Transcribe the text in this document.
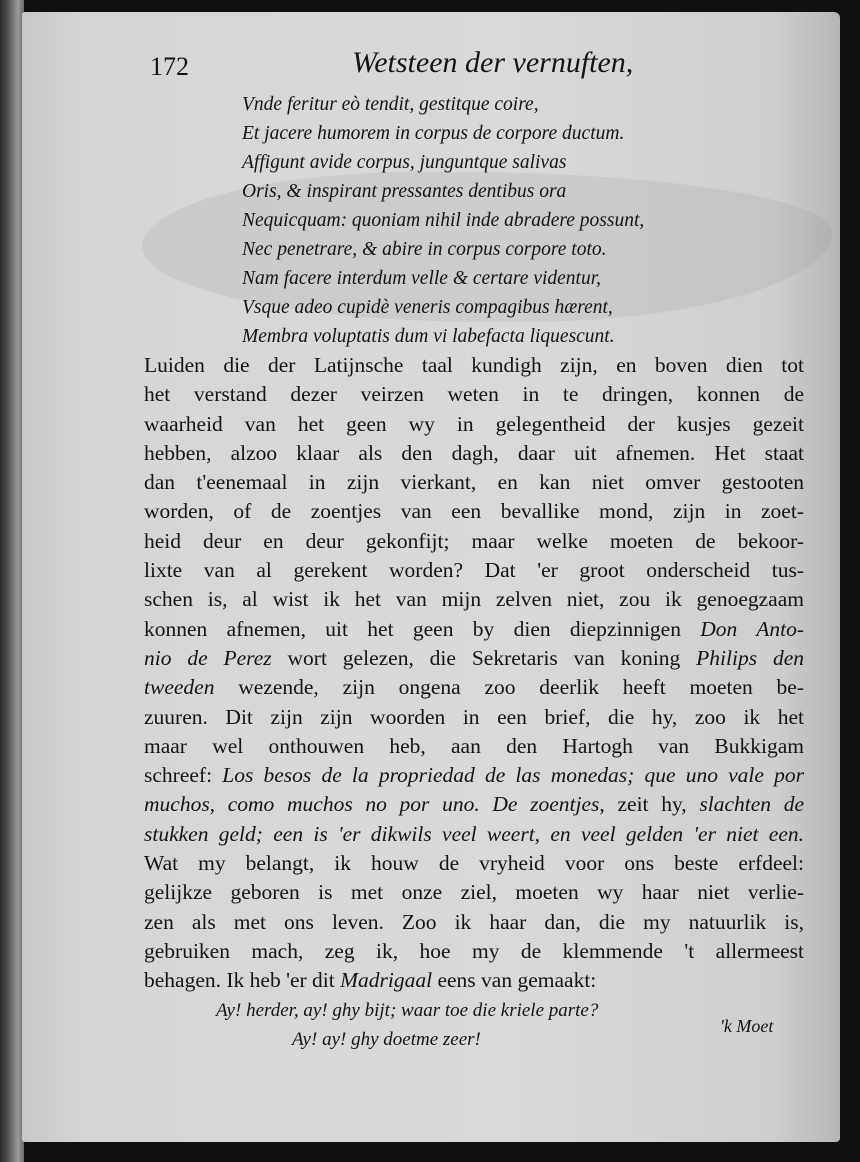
172	Wetsteen der vernuften,
Vnde feritur eò tendit, gestitque coire,
Et jacere humorem in corpus de corpore ductum.
Affigunt avide corpus, junguntque salivas
Oris, & inspirant pressantes dentibus ora
Nequicquam: quoniam nihil inde abradere possunt,
Nec penetrare, & abire in corpus corpore toto.
Nam facere interdum velle & certare videntur,
Vsque adeo cupidè veneris compagibus hærent,
Membra voluptatis dum vi labefacta liquescunt.
Luiden die der Latijnsche taal kundigh zijn, en boven dien tot
het verstand dezer veirzen weten in te dringen, konnen de
waarheid van het geen wy in gelegentheid der kusjes gezeit
hebben, alzoo klaar als den dagh, daar uit afnemen. Het staat
dan t'eenemaal in zijn vierkant, en kan niet omver gestooten
worden, of de zoentjes van een bevallike mond, zijn in zoet-
heid deur en deur gekonfijt; maar welke moeten de bekoor-
lixte van al gerekent worden? Dat 'er groot onderscheid tus-
schen is, al wist ik het van mijn zelven niet, zou ik genoegzaam
konnen afnemen, uit het geen by dien diepzinnigen Don Anto-
nio de Perez wort gelezen, die Sekretaris van koning Philips den
tweeden wezende, zijn ongena zoo deerlik heeft moeten be-
zuuren. Dit zijn zijn woorden in een brief, die hy, zoo ik het
maar wel onthouwen heb, aan den Hartogh van Bukkigam
schreef: Los besos de la propriedad de las monedas; que uno vale por
muchos, como muchos no por uno. De zoentjes, zeit hy, slachten de
stukken geld; een is 'er dikwils veel weert, en veel gelden 'er niet een.
Wat my belangt, ik houw de vryheid voor ons beste erfdeel:
gelijkze geboren is met onze ziel, moeten wy haar niet verlie-
zen als met ons leven. Zoo ik haar dan, die my natuurlik is,
gebruiken mach, zeg ik, hoe my de klemmende 't allermeest
behagen. Ik heb 'er dit Madrigaal eens van gemaakt:
Ay! herder, ay! ghy bijt; waar toe die kriele parte?
Ay! ay! ghy doetme zeer!
'k Moet
